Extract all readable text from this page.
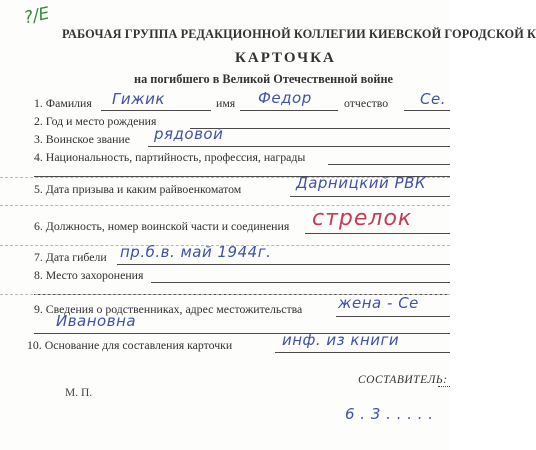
?/Е
РАБОЧАЯ ГРУППА РЕДАКЦИОННОЙ КОЛЛЕГИИ КИЕВСКОЙ ГОРОДСКОЙ К
КАРТОЧКА
на погибшего в Великой Отечественной войне
1. Фамилия Гижик	имя Федор	отчество Се.
2. Год и место рождения
3. Воинское звание рядовой
4. Национальность, партийность, профессия, награды
5. Дата призыва и каким райвоенкоматом	Дарницкий РВК
6. Должность, номер воинской части и соединения стрелок
7. Дата гибели пр.б.в. май 1944г.
8. Место захоронения
9. Сведения о родственниках, адрес местожительства жена - Се
Ивановна
10. Основание для составления карточки	инф. из книги
М. П.
СОСТАВИТЕЛЬ:
6 . 3 . . . . .
